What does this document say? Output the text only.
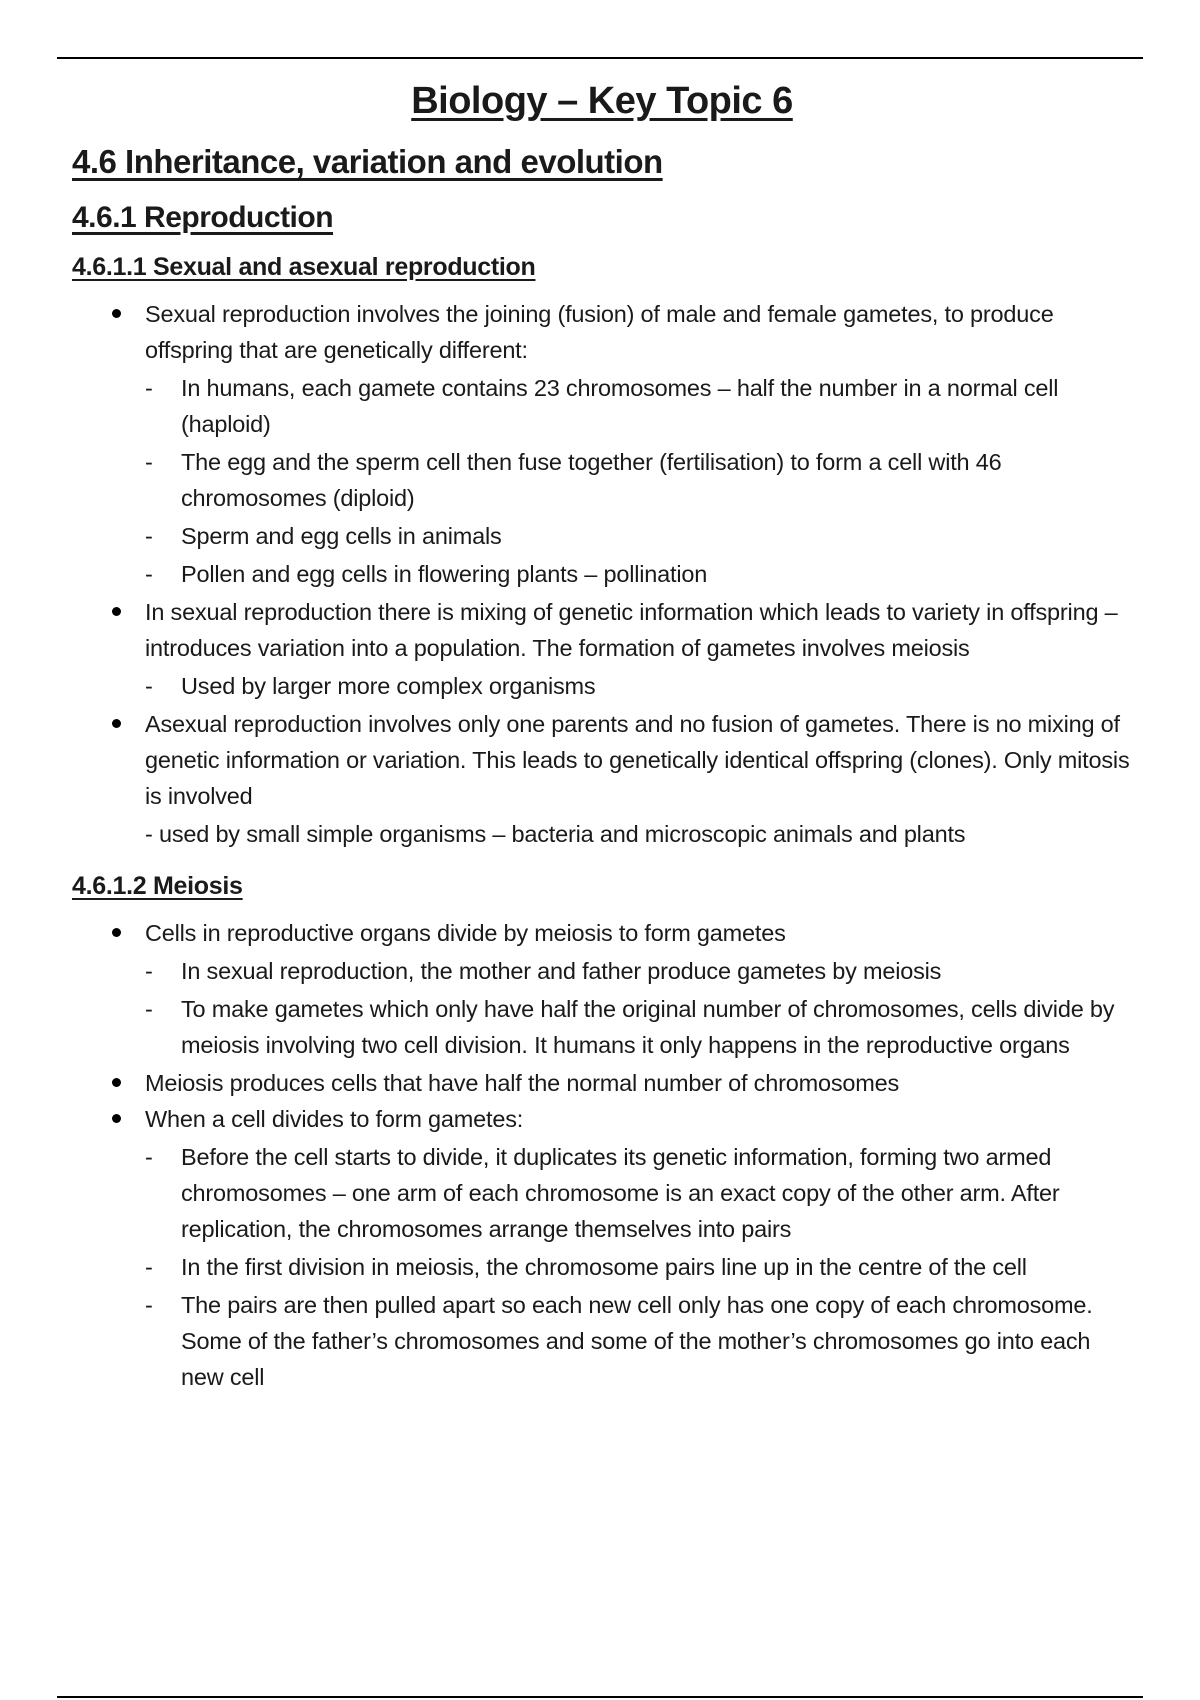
Biology – Key Topic 6
4.6 Inheritance, variation and evolution
4.6.1 Reproduction
4.6.1.1 Sexual and asexual reproduction
Sexual reproduction involves the joining (fusion) of male and female gametes, to produce offspring that are genetically different:
- In humans, each gamete contains 23 chromosomes – half the number in a normal cell (haploid)
- The egg and the sperm cell then fuse together (fertilisation) to form a cell with 46 chromosomes (diploid)
- Sperm and egg cells in animals
- Pollen and egg cells in flowering plants – pollination
In sexual reproduction there is mixing of genetic information which leads to variety in offspring – introduces variation into a population. The formation of gametes involves meiosis
- Used by larger more complex organisms
Asexual reproduction involves only one parents and no fusion of gametes. There is no mixing of genetic information or variation. This leads to genetically identical offspring (clones). Only mitosis is involved
- used by small simple organisms – bacteria and microscopic animals and plants
4.6.1.2 Meiosis
Cells in reproductive organs divide by meiosis to form gametes
- In sexual reproduction, the mother and father produce gametes by meiosis
- To make gametes which only have half the original number of chromosomes, cells divide by meiosis involving two cell division. It humans it only happens in the reproductive organs
Meiosis produces cells that have half the normal number of chromosomes
When a cell divides to form gametes:
- Before the cell starts to divide, it duplicates its genetic information, forming two armed chromosomes – one arm of each chromosome is an exact copy of the other arm. After replication, the chromosomes arrange themselves into pairs
- In the first division in meiosis, the chromosome pairs line up in the centre of the cell
- The pairs are then pulled apart so each new cell only has one copy of each chromosome. Some of the father’s chromosomes and some of the mother’s chromosomes go into each new cell
